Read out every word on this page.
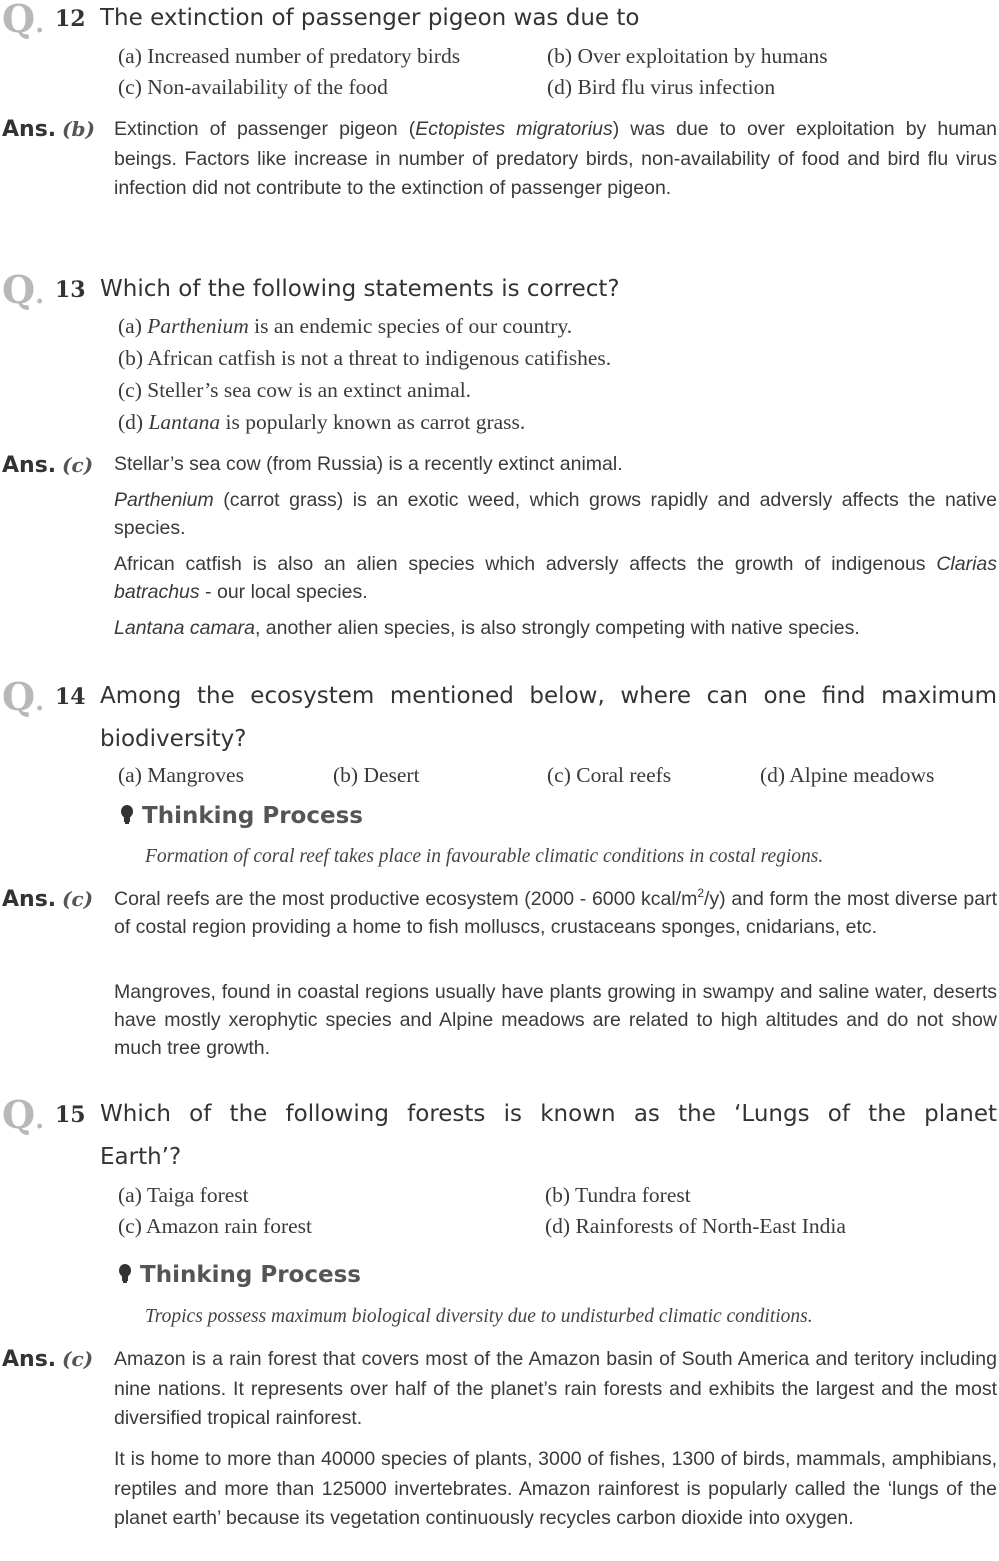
Q. 12 The extinction of passenger pigeon was due to
(a) Increased number of predatory birds	(b) Over exploitation by humans
(c) Non-availability of the food	(d) Bird flu virus infection
Ans. (b) Extinction of passenger pigeon (Ectopistes migratorius) was due to over exploitation by human beings. Factors like increase in number of predatory birds, non-availability of food and bird flu virus infection did not contribute to the extinction of passenger pigeon.

Q. 13 Which of the following statements is correct?
(a) Parthenium is an endemic species of our country.
(b) African catfish is not a threat to indigenous catifishes.
(c) Steller’s sea cow is an extinct animal.
(d) Lantana is popularly known as carrot grass.
Ans. (c) Stellar’s sea cow (from Russia) is a recently extinct animal.

Parthenium (carrot grass) is an exotic weed, which grows rapidly and adversly affects the native species.

African catfish is also an alien species which adversly affects the growth of indigenous Clarias batrachus - our local species.

Lantana camara, another alien species, is also strongly competing with native species.

Q. 14 Among the ecosystem mentioned below, where can one find maximum
biodiversity?
(a) Mangroves	(b) Desert	(c) Coral reefs	(d) Alpine meadows
Thinking Process
Formation of coral reef takes place in favourable climatic conditions in costal regions.
Ans. (c) Coral reefs are the most productive ecosystem (2000 - 6000 kcal/$m^2/y$) and form the most diverse part of costal region providing a home to fish molluscs, crustaceans sponges, cnidarians, etc.

Mangroves, found in coastal regions usually have plants growing in swampy and saline water, deserts have mostly xerophytic species and Alpine meadows are related to high altitudes and do not show much tree growth.

Q. 15 Which of the following forests is known as the ‘Lungs of the planet
Earth’?
(a) Taiga forest	(b) Tundra forest
(c) Amazon rain forest	(d) Rainforests of North-East India
Thinking Process
Tropics possess maximum biological diversity due to undisturbed climatic conditions.
Ans. (c) Amazon is a rain forest that covers most of the Amazon basin of South America and teritory including nine nations. It represents over half of the planet’s rain forests and exhibits the largest and the most diversified tropical rainforest.

It is home to more than 40000 species of plants, 3000 of fishes, 1300 of birds, mammals, amphibians, reptiles and more than 125000 invertebrates. Amazon rainforest is popularly called the ‘lungs of the planet earth’ because its vegetation continuously recycles carbon dioxide into oxygen.
